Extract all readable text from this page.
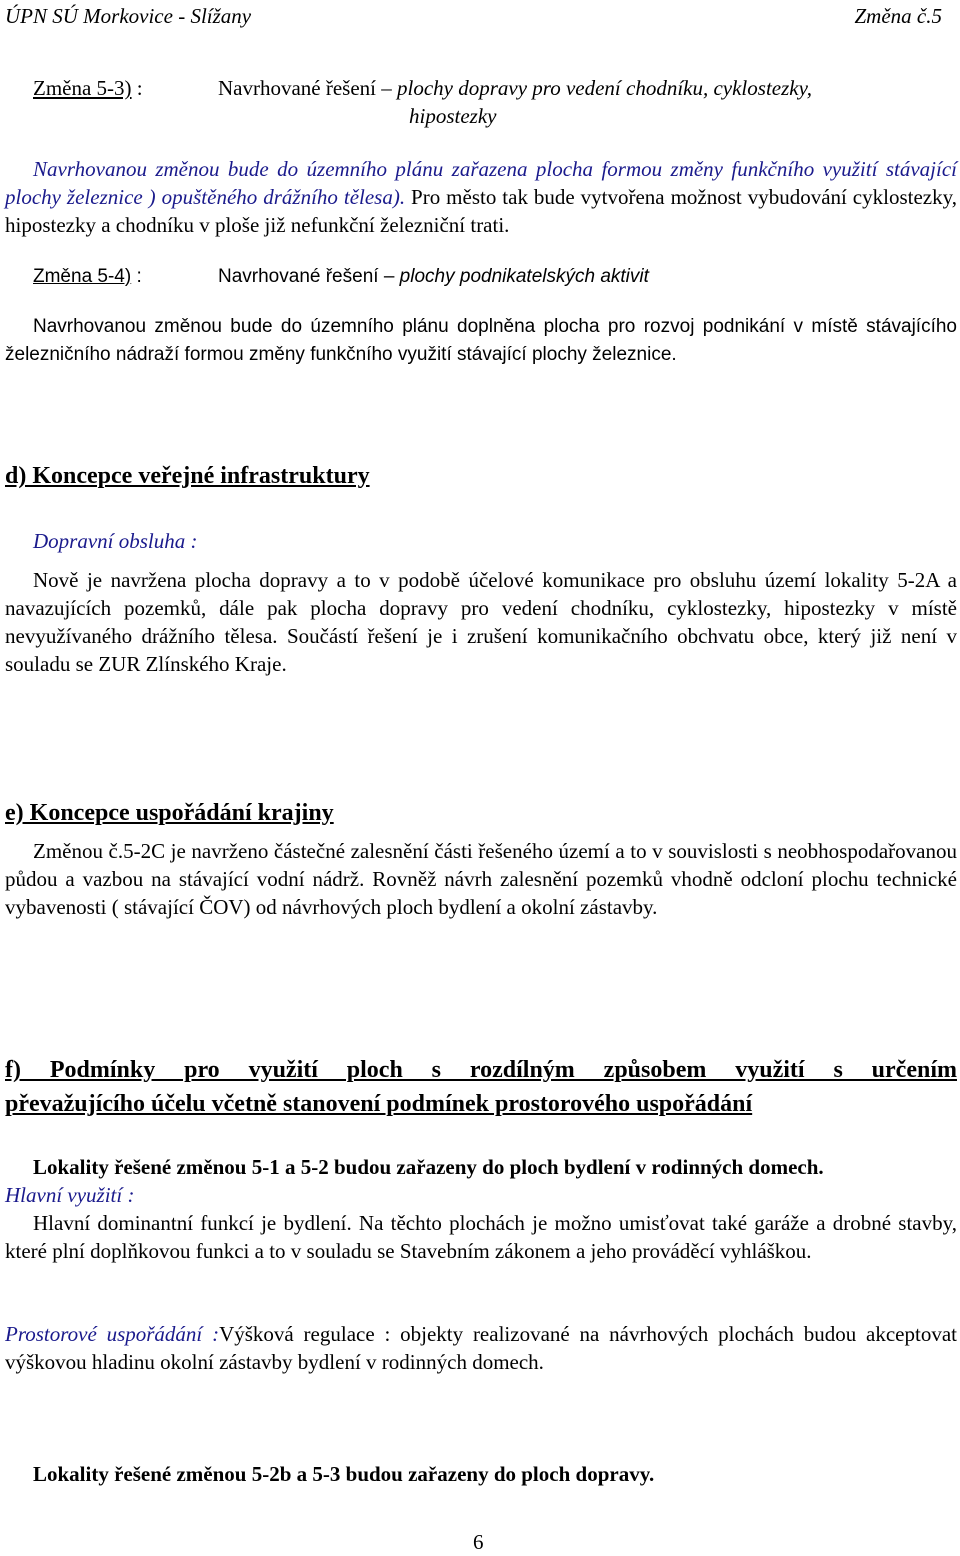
ÚPN SÚ Morkovice - Slížany	Změna č.5
Změna 5-3) :	Navrhované řešení – plochy dopravy pro vedení chodníku, cyklostezky,
hipostezky

Navrhovanou změnou bude do územního plánu zařazena plocha formou změny funkčního využití stávající plochy železnice ) opuštěného drážního tělesa). Pro město tak bude vytvořena možnost vybudování cyklostezky, hipostezky a chodníku v ploše již nefunkční železniční trati.

Změna 5-4) :	Navrhované řešení – plochy podnikatelských aktivit

Navrhovanou změnou bude do územního plánu doplněna plocha pro rozvoj podnikání v místě stávajícího železničního nádraží formou změny funkčního využití stávající plochy železnice.

d) Koncepce veřejné infrastruktury
Dopravní obsluha :

Nově je navržena plocha dopravy a to v podobě účelové komunikace pro obsluhu území lokality 5-2A a navazujících pozemků, dále pak plocha dopravy pro vedení chodníku, cyklostezky, hipostezky v místě nevyužívaného drážního tělesa. Součástí řešení je i zrušení komunikačního obchvatu obce, který již není v souladu se ZUR Zlínského Kraje.

e) Koncepce uspořádání krajiny

Změnou č.5-2C je navrženo částečné zalesnění části řešeného území a to v souvislosti s neobhospodařovanou půdou a vazbou na stávající vodní nádrž. Rovněž návrh zalesnění pozemků vhodně odcloní plochu technické vybavenosti ( stávající ČOV) od návrhových ploch bydlení a okolní zástavby.

f) Podmínky pro využití ploch s rozdílným způsobem využití s určením
převažujícího účelu včetně stanovení podmínek prostorového uspořádání
Lokality řešené změnou 5-1 a 5-2 budou zařazeny do ploch bydlení v rodinných domech.
Hlavní využití :

Hlavní dominantní funkcí je bydlení. Na těchto plochách je možno umisťovat také garáže a drobné stavby, které plní doplňkovou funkci a to v souladu se Stavebním zákonem a jeho prováděcí vyhláškou.

Prostorové uspořádání :Výšková regulace : objekty realizované na návrhových plochách budou akceptovat výškovou hladinu okolní zástavby bydlení v rodinných domech.

Lokality řešené změnou 5-2b a 5-3 budou zařazeny do ploch dopravy.
6
